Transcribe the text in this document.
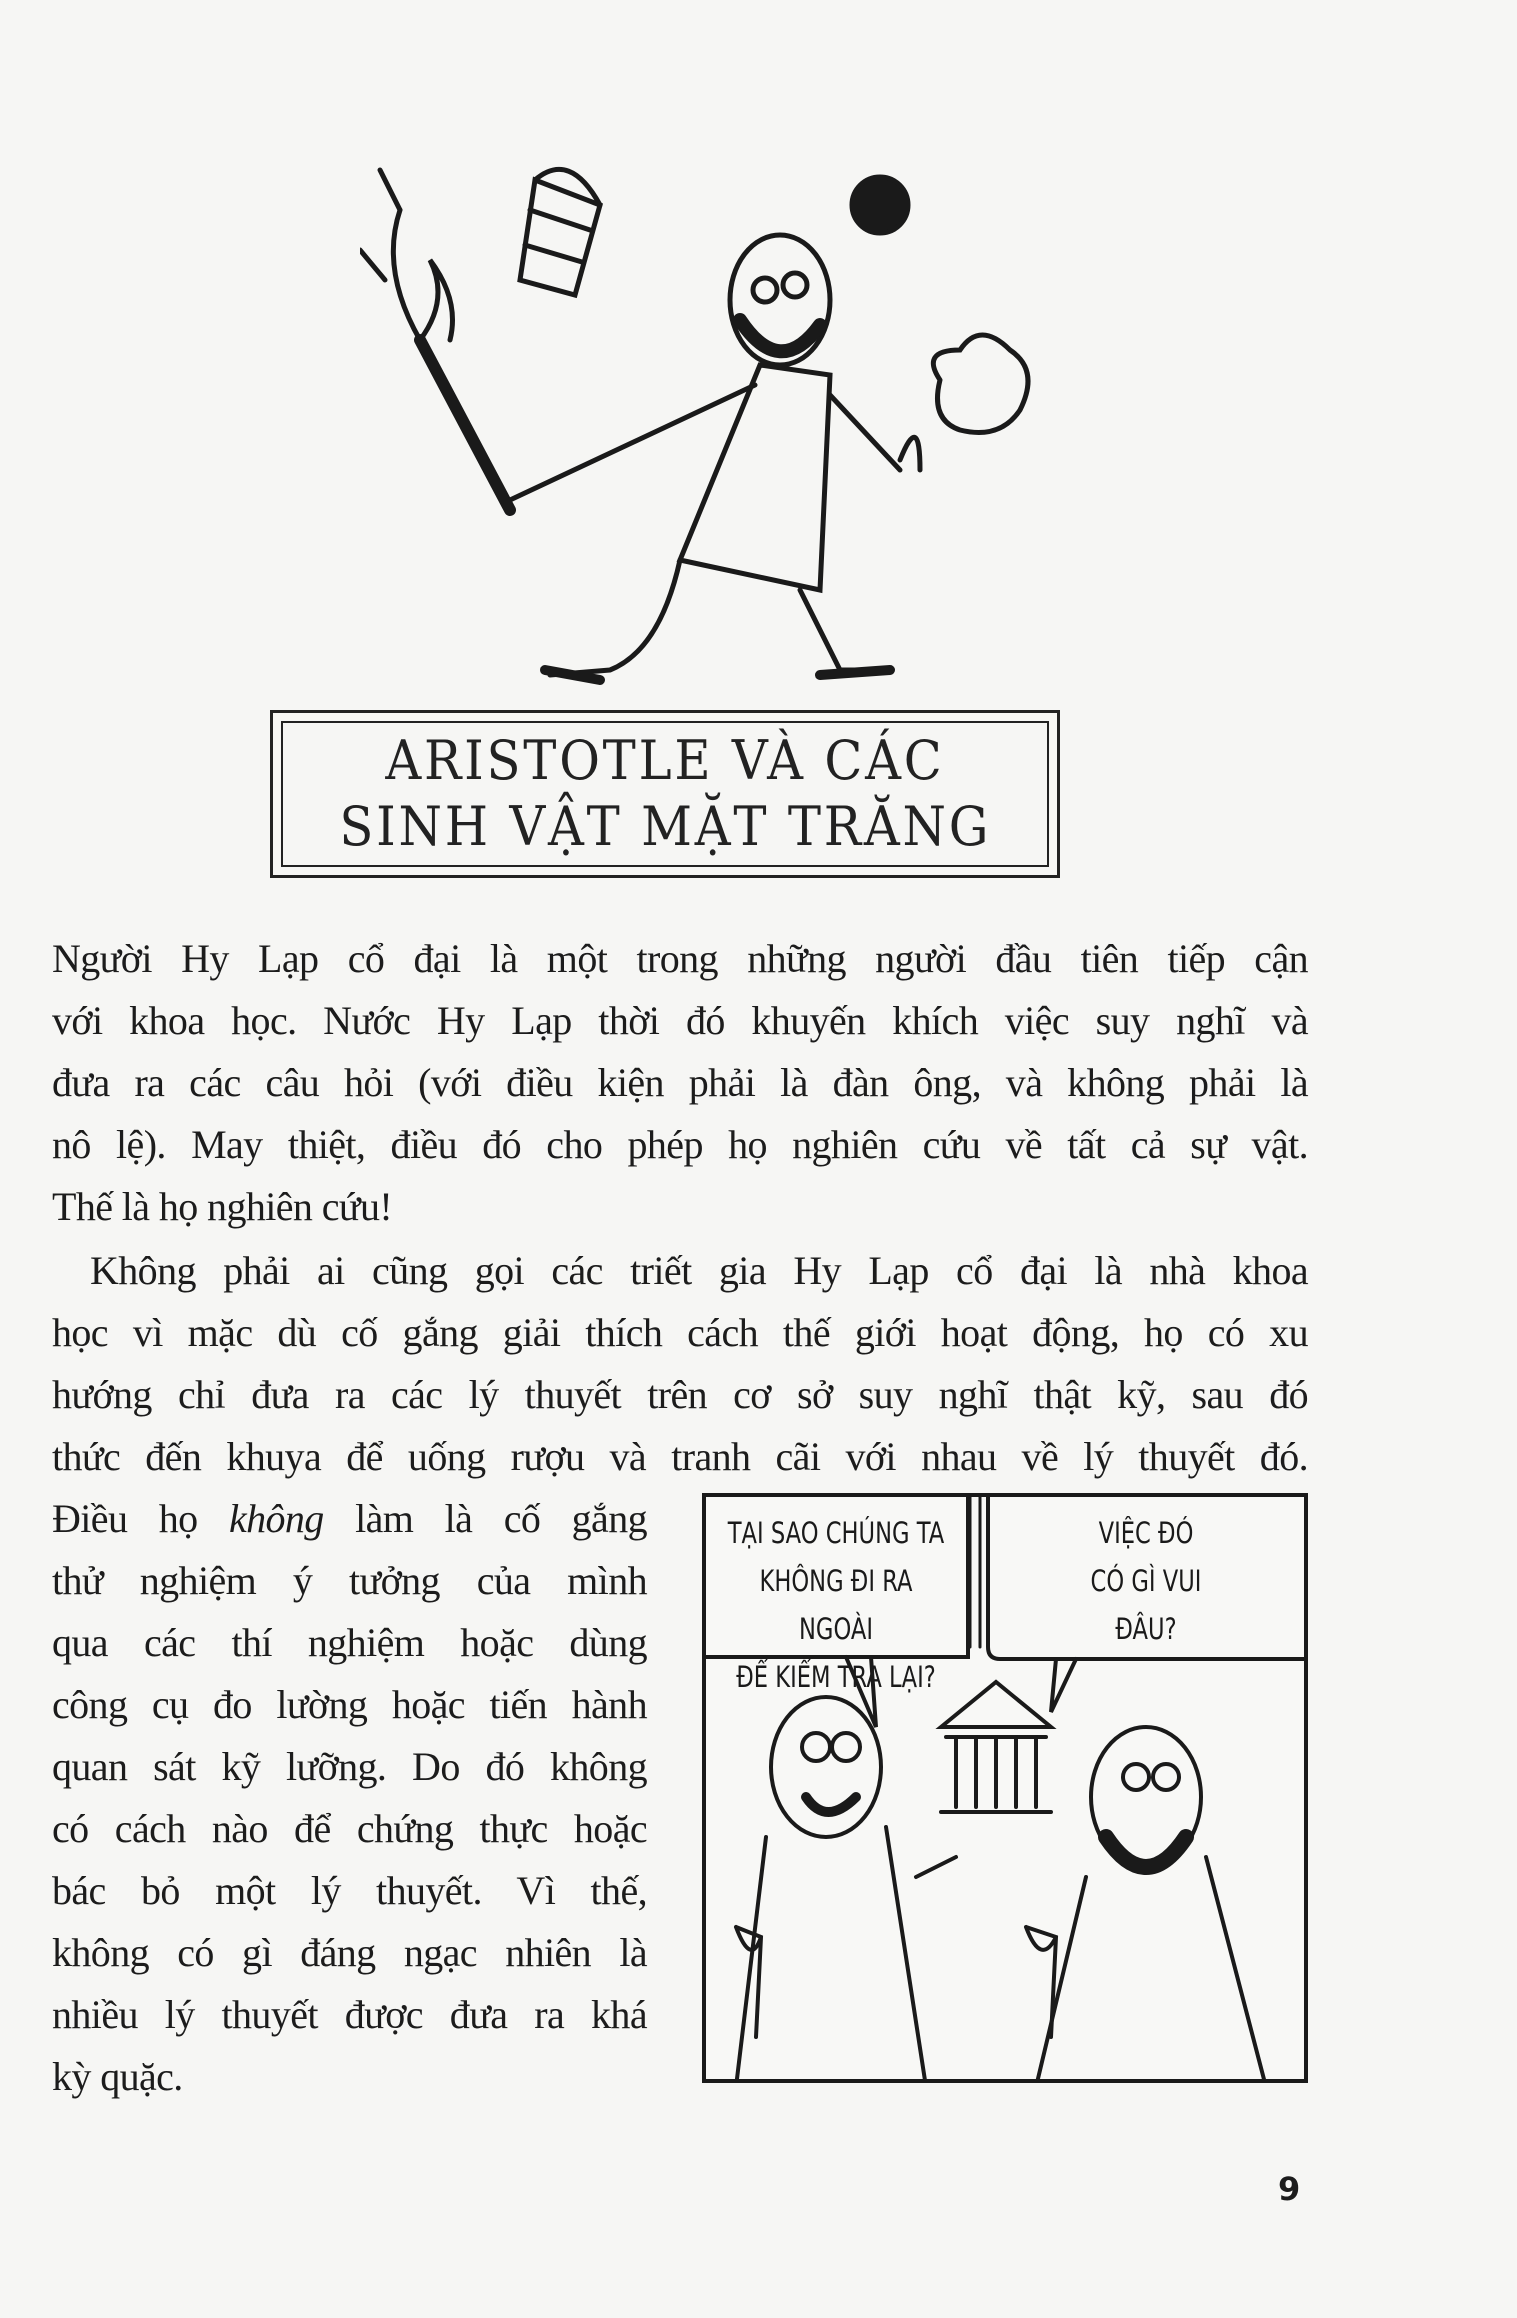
ARISTOTLE VÀ CÁC
SINH VẬT MẶT TRĂNG
Người Hy Lạp cổ đại là một trong những người đầu tiên tiếp cận
với khoa học. Nước Hy Lạp thời đó khuyến khích việc suy nghĩ và
đưa ra các câu hỏi (với điều kiện phải là đàn ông, và không phải là
nô lệ). May thiệt, điều đó cho phép họ nghiên cứu về tất cả sự vật.
Thế là họ nghiên cứu!
Không phải ai cũng gọi các triết gia Hy Lạp cổ đại là nhà khoa
học vì mặc dù cố gắng giải thích cách thế giới hoạt động, họ có xu
hướng chỉ đưa ra các lý thuyết trên cơ sở suy nghĩ thật kỹ, sau đó
thức đến khuya để uống rượu và tranh cãi với nhau về lý thuyết đó.
Điều họ không làm là cố gắng
thử nghiệm ý tưởng của mình
qua các thí nghiệm hoặc dùng
công cụ đo lường hoặc tiến hành
quan sát kỹ lưỡng. Do đó không
có cách nào để chứng thực hoặc
bác bỏ một lý thuyết. Vì thế,
không có gì đáng ngạc nhiên là
nhiều lý thuyết được đưa ra khá
kỳ quặc.
TẠI SAO CHÚNG TA
KHÔNG ĐI RA NGOÀI
ĐỂ KIỂM TRA LẠI?
VIỆC ĐÓ
CÓ GÌ VUI
ĐÂU?
9
